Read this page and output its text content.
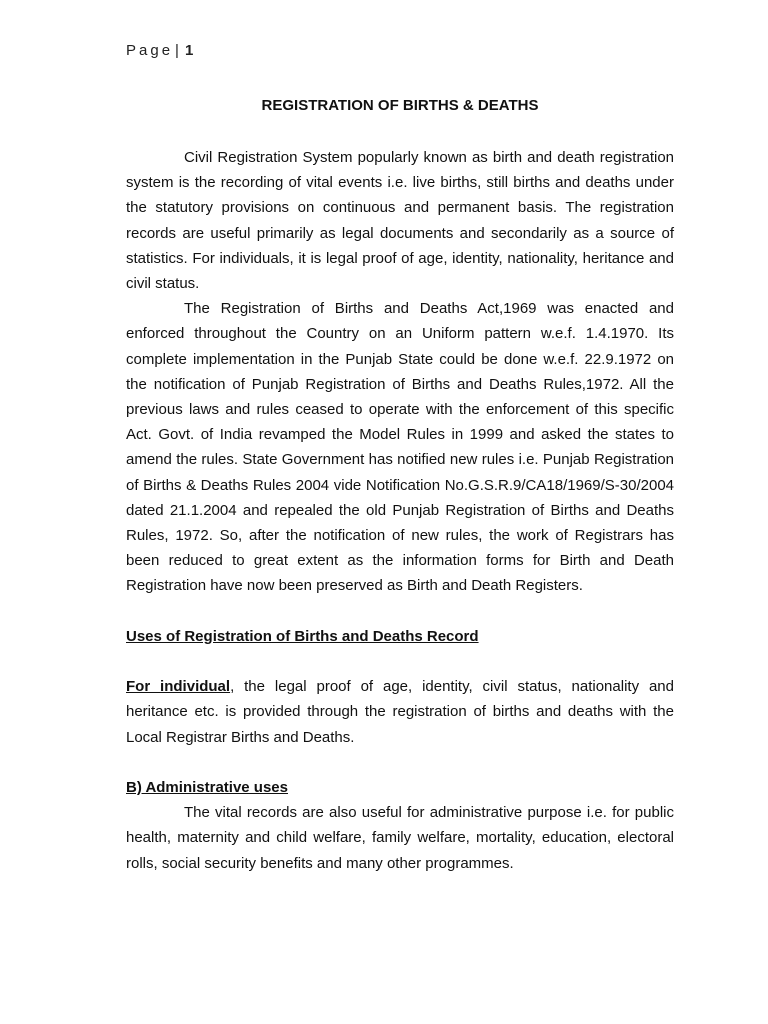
Page | 1
REGISTRATION OF BIRTHS & DEATHS

Civil Registration System popularly known as birth and death registration system is the recording of vital events i.e. live births, still births and deaths under the statutory provisions on continuous and permanent basis. The registration records are useful primarily as legal documents and secondarily as a source of statistics. For individuals, it is legal proof of age, identity, nationality, heritance and civil status.

The Registration of Births and Deaths Act,1969 was enacted and enforced throughout the Country on an Uniform pattern w.e.f. 1.4.1970. Its complete implementation in the Punjab State could be done w.e.f. 22.9.1972 on the notification of Punjab Registration of Births and Deaths Rules,1972. All the previous laws and rules ceased to operate with the enforcement of this specific Act. Govt. of India revamped the Model Rules in 1999 and asked the states to amend the rules. State Government has notified new rules i.e. Punjab Registration of Births & Deaths Rules 2004 vide Notification No.G.S.R.9/CA18/1969/S-30/2004 dated 21.1.2004 and repealed the old Punjab Registration of Births and Deaths Rules, 1972. So, after the notification of new rules, the work of Registrars has been reduced to great extent as the information forms for Birth and Death Registration have now been preserved as Birth and Death Registers.

Uses of Registration of Births and Deaths Record

For individual, the legal proof of age, identity, civil status, nationality and heritance etc. is provided through the registration of births and deaths with the Local Registrar Births and Deaths.

B) Administrative uses

The vital records are also useful for administrative purpose i.e. for public health, maternity and child welfare, family welfare, mortality, education, electoral rolls, social security benefits and many other programmes.
